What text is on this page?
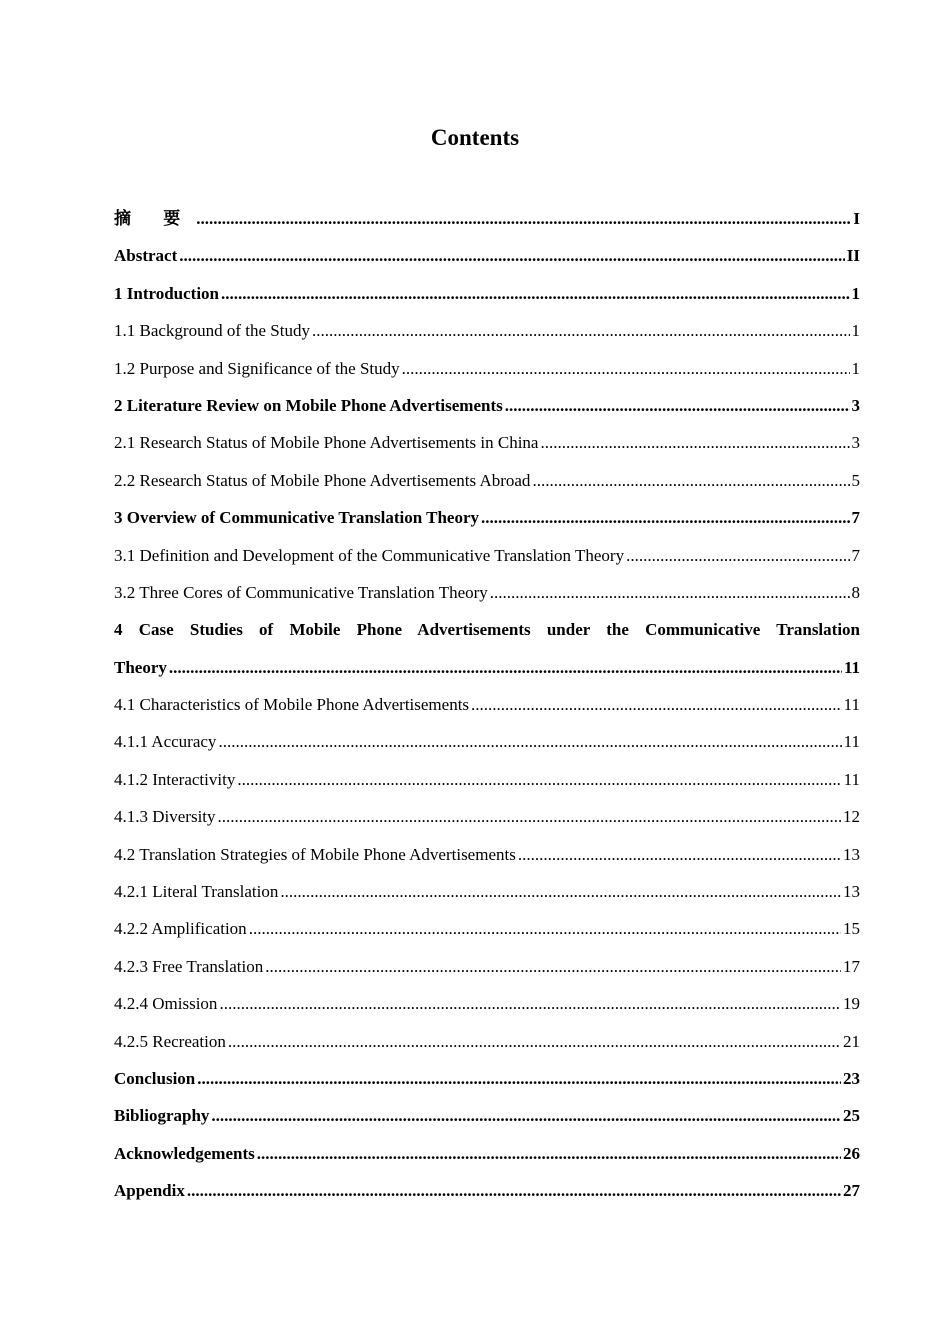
Contents
摘 要 .....	I
Abstract .....	II
1 Introduction .....	1
1.1 Background of the Study .....	1
1.2 Purpose and Significance of the Study .....	1
2 Literature Review on Mobile Phone Advertisements .....	3
2.1 Research Status of Mobile Phone Advertisements in China .....	3
2.2 Research Status of Mobile Phone Advertisements Abroad .....	5
3 Overview of Communicative Translation Theory .....	7
3.1 Definition and Development of the Communicative Translation Theory .....	7
3.2 Three Cores of Communicative Translation Theory .....	8
4 Case Studies of Mobile Phone Advertisements under the Communicative Translation
Theory .....	11
4.1 Characteristics of Mobile Phone Advertisements .....	11
4.1.1 Accuracy .....	11
4.1.2 Interactivity .....	11
4.1.3 Diversity .....	12
4.2 Translation Strategies of Mobile Phone Advertisements .....	13
4.2.1 Literal Translation .....	13
4.2.2 Amplification .....	15
4.2.3 Free Translation .....	17
4.2.4 Omission .....	19
4.2.5 Recreation .....	21
Conclusion .....	23
Bibliography .....	25
Acknowledgements .....	26
Appendix .....	27
